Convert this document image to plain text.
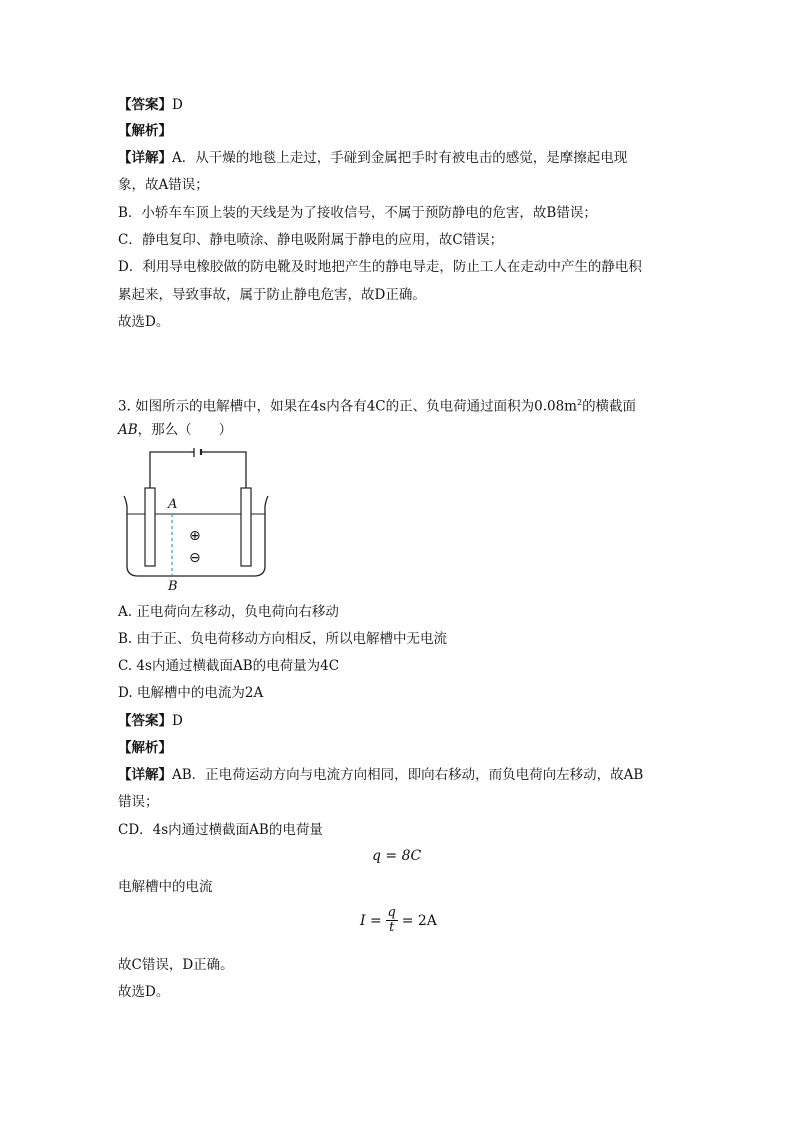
【答案】D
【解析】
【详解】A．从干燥的地毯上走过，手碰到金属把手时有被电击的感觉，是摩擦起电现
象，故A错误；
B．小轿车车顶上装的天线是为了接收信号，不属于预防静电的危害，故B错误；
C．静电复印、静电喷涂、静电吸附属于静电的应用，故C错误；
D．利用导电橡胶做的防电靴及时地把产生的静电导走，防止工人在走动中产生的静电积
累起来，导致事故，属于防止静电危害，故D正确。
故选D。
3. 如图所示的电解槽中，如果在4s内各有4C的正、负电荷通过面积为$0.08m^2$的横截面
AB，那么（　　）
A
B
⊕
⊖
A. 正电荷向左移动，负电荷向右移动
B. 由于正、负电荷移动方向相反，所以电解槽中无电流
C. 4s内通过横截面AB的电荷量为4C
D. 电解槽中的电流为2A
【答案】D
【解析】
【详解】AB．正电荷运动方向与电流方向相同，即向右移动，而负电荷向左移动，故AB
错误；
CD．4s内通过横截面AB的电荷量
q = 8C
电解槽中的电流
I = q
t = 2A
故C错误，D正确。
故选D。
